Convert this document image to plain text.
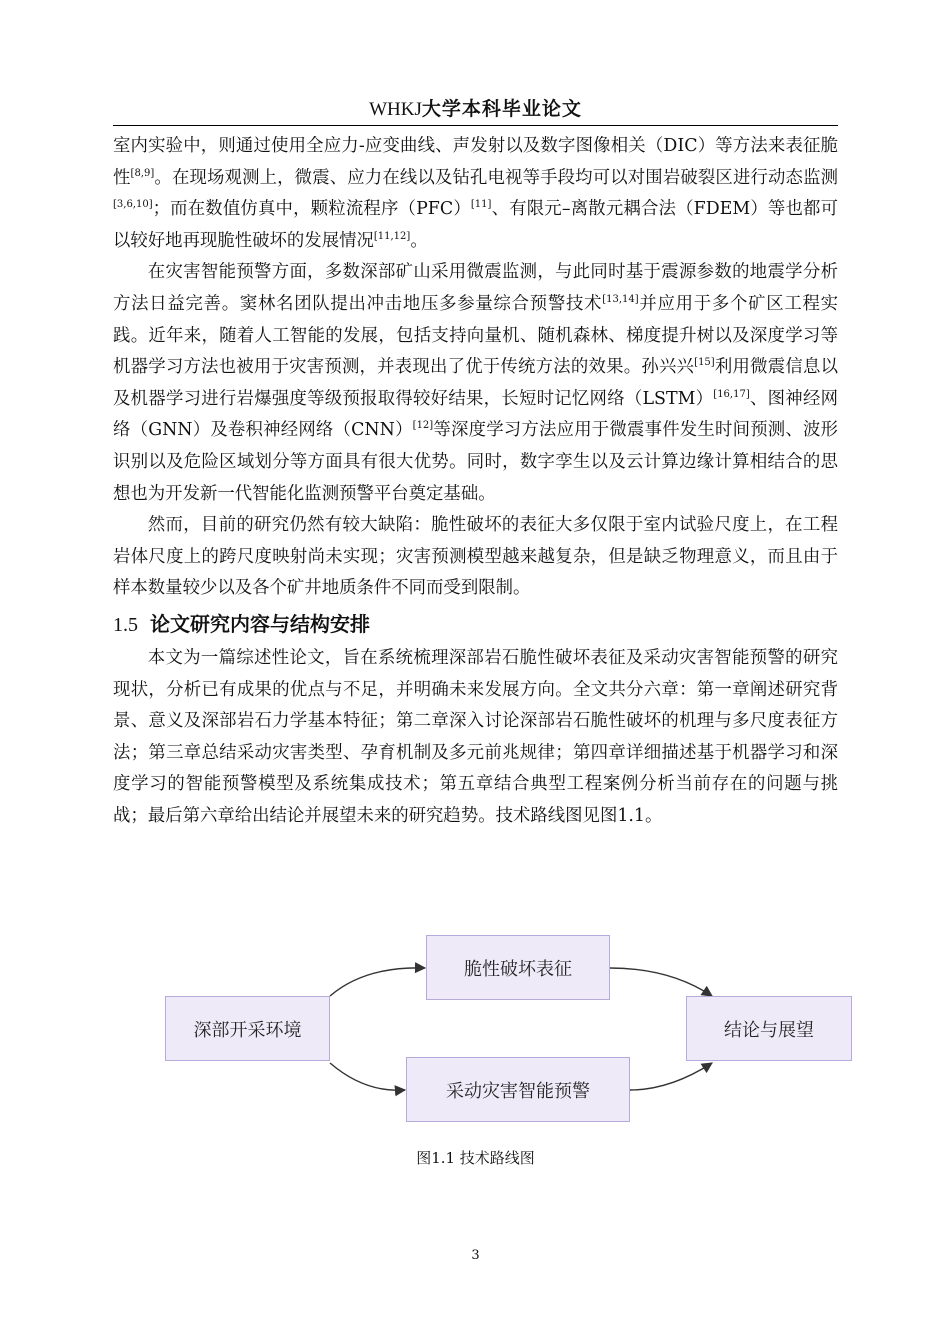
WHKJ大学本科毕业论文

室内实验中，则通过使用全应力-应变曲线、声发射以及数字图像相关（DIC）等方法来表征脆性[8,9]。在现场观测上，微震、应力在线以及钻孔电视等手段均可以对围岩破裂区进行动态监测[3,6,10]；而在数值仿真中，颗粒流程序（PFC）[11]、有限元–离散元耦合法（FDEM）等也都可以较好地再现脆性破坏的发展情况[11,12]。

在灾害智能预警方面，多数深部矿山采用微震监测，与此同时基于震源参数的地震学分析方法日益完善。窦林名团队提出冲击地压多参量综合预警技术[13,14]并应用于多个矿区工程实践。近年来，随着人工智能的发展，包括支持向量机、随机森林、梯度提升树以及深度学习等机器学习方法也被用于灾害预测，并表现出了优于传统方法的效果。孙兴兴[15]利用微震信息以及机器学习进行岩爆强度等级预报取得较好结果，长短时记忆网络（LSTM）[16,17]、图神经网络（GNN）及卷积神经网络（CNN）[12]等深度学习方法应用于微震事件发生时间预测、波形识别以及危险区域划分等方面具有很大优势。同时，数字孪生以及云计算边缘计算相结合的思想也为开发新一代智能化监测预警平台奠定基础。

然而，目前的研究仍然有较大缺陷：脆性破坏的表征大多仅限于室内试验尺度上，在工程岩体尺度上的跨尺度映射尚未实现；灾害预测模型越来越复杂，但是缺乏物理意义，而且由于样本数量较少以及各个矿井地质条件不同而受到限制。

1.5 论文研究内容与结构安排

本文为一篇综述性论文，旨在系统梳理深部岩石脆性破坏表征及采动灾害智能预警的研究现状，分析已有成果的优点与不足，并明确未来发展方向。全文共分六章：第一章阐述研究背景、意义及深部岩石力学基本特征；第二章深入讨论深部岩石脆性破坏的机理与多尺度表征方法；第三章总结采动灾害类型、孕育机制及多元前兆规律；第四章详细描述基于机器学习和深度学习的智能预警模型及系统集成技术；第五章结合典型工程案例分析当前存在的问题与挑战；最后第六章给出结论并展望未来的研究趋势。技术路线图见图1.1。

深部开采环境
脆性破坏表征
采动灾害智能预警
结论与展望
图1.1 技术路线图
3
